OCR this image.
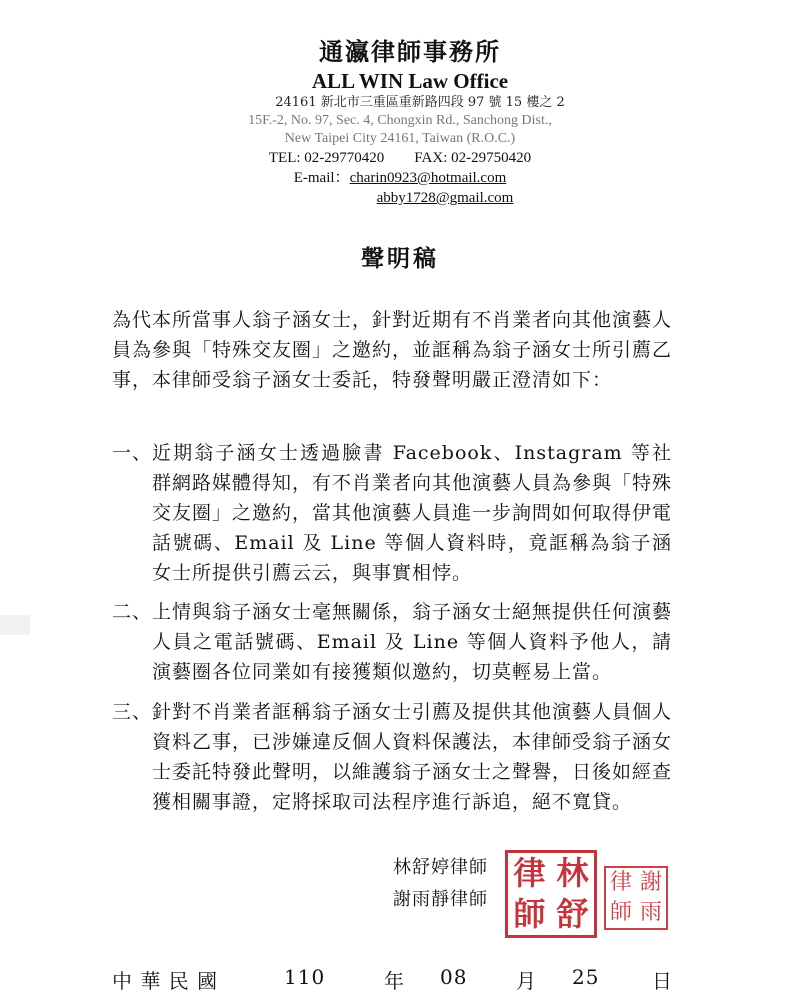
通瀛律師事務所
ALL WIN Law Office
24161 新北市三重區重新路四段 97 號 15 樓之 2
15F.-2, No. 97, Sec. 4, Chongxin Rd., Sanchong Dist.,
New Taipei City 24161, Taiwan (R.O.C.)
TEL: 02-29770420 FAX: 02-29750420
E-mail：charin0923@hotmail.com
abby1728@gmail.com
聲明稿
為代本所當事人翁子涵女士，針對近期有不肖業者向其他演藝人員為參與「特殊交友圈」之邀約，並誆稱為翁子涵女士所引薦乙事，本律師受翁子涵女士委託，特發聲明嚴正澄清如下：
一、 近期翁子涵女士透過臉書 Facebook、Instagram 等社群網路媒體得知，有不肖業者向其他演藝人員為參與「特殊交友圈」之邀約，當其他演藝人員進一步詢問如何取得伊電話號碼、Email 及 Line 等個人資料時，竟誆稱為翁子涵女士所提供引薦云云，與事實相悖。
二、 上情與翁子涵女士毫無關係，翁子涵女士絕無提供任何演藝人員之電話號碼、Email 及 Line 等個人資料予他人，請演藝圈各位同業如有接獲類似邀約，切莫輕易上當。
三、 針對不肖業者誆稱翁子涵女士引薦及提供其他演藝人員個人資料乙事，已涉嫌違反個人資料保護法，本律師受翁子涵女士委託特發此聲明，以維護翁子涵女士之聲譽，日後如經查獲相關事證，定將採取司法程序進行訴追，絕不寬貸。
林舒婷律師
謝雨靜律師
律 林
師 舒
律 謝
師 雨
中 華 民 國	110	年 08 月 25	日
